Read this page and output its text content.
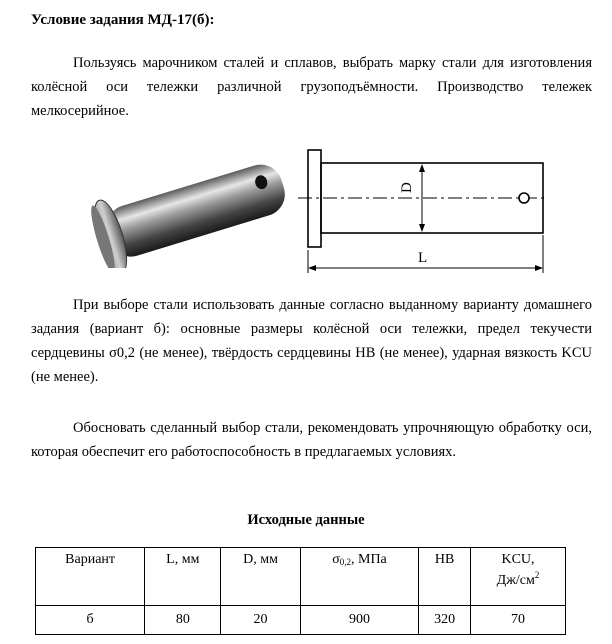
Условие задания МД-17(б):
Пользуясь марочником сталей и сплавов, выбрать марку стали для изготовления колёсной оси тележки различной грузоподъёмности. Производство тележек мелкосерийное.
D
L
При выборе стали использовать данные согласно выданному варианту домашнего задания (вариант б): основные размеры колёсной оси тележки, предел текучести сердцевины σ0,2 (не менее), твёрдость сердцевины HB (не менее), ударная вязкость KCU (не менее).
Обосновать сделанный выбор стали, рекомендовать упрочняющую обработку оси, которая обеспечит его работоспособность в предлагаемых условиях.
Исходные данные
Вариант	L, мм	D, мм	$\sigma_{0,2}$, МПа	HB	KCU,
$Дж/см^2$
б	80	20	900	320	70
